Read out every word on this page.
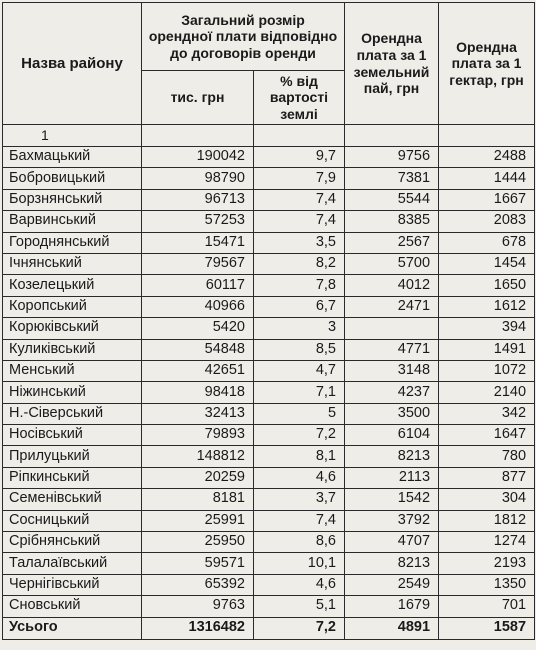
Назва району	Загальний розмір орендної плати відповідно до договорів оренди		Орендна плата за 1 земельний пай, грн	Орендна плата за 1 гектар, грн
	тис. грн	% від вартості землі		
1				
Бахмацький	190042	9,7	9756	2488
Бобровицький	98790	7,9	7381	1444
Борзнянський	96713	7,4	5544	1667
Варвинський	57253	7,4	8385	2083
Городнянський	15471	3,5	2567	678
Ічнянський	79567	8,2	5700	1454
Козелецький	60117	7,8	4012	1650
Коропський	40966	6,7	2471	1612
Корюківський	5420	3		394
Куликівський	54848	8,5	4771	1491
Менський	42651	4,7	3148	1072
Ніжинський	98418	7,1	4237	2140
Н.-Сіверський	32413	5	3500	342
Носівський	79893	7,2	6104	1647
Прилуцький	148812	8,1	8213	780
Ріпкинський	20259	4,6	2113	877
Семенівський	8181	3,7	1542	304
Сосницький	25991	7,4	3792	1812
Срібнянський	25950	8,6	4707	1274
Талалаївський	59571	10,1	8213	2193
Чернігівський	65392	4,6	2549	1350
Сновський	9763	5,1	1679	701
Усього	1316482	7,2	4891	1587
